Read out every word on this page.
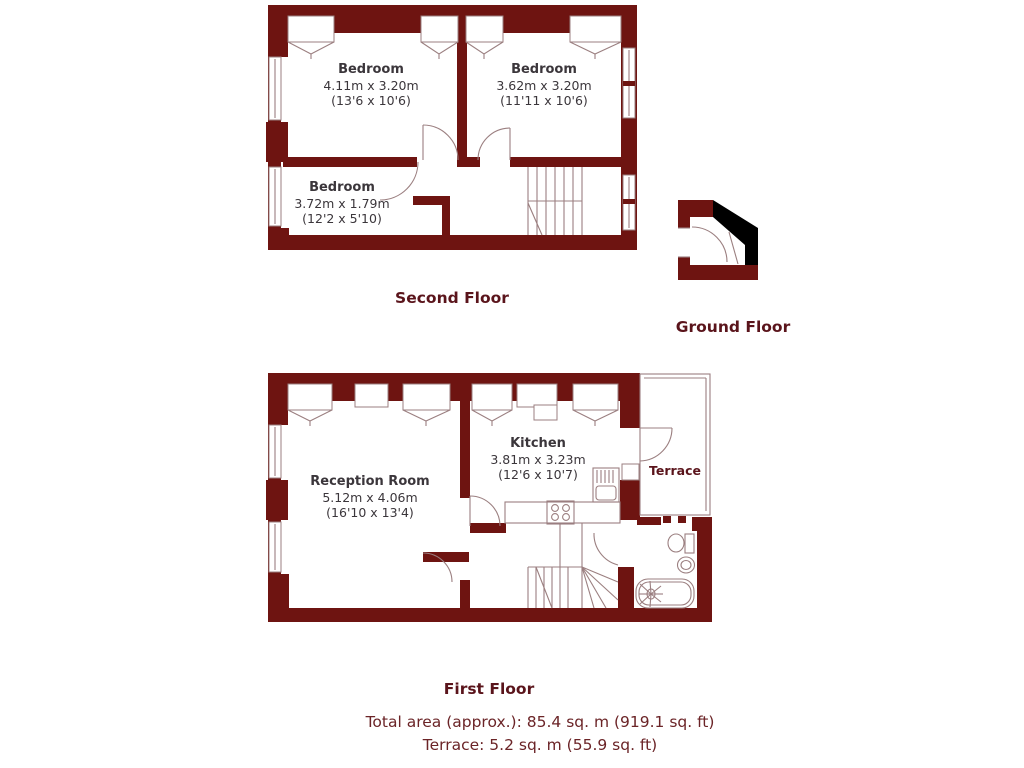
Bedroom
4.11m x 3.20m
(13'6 x 10'6)
Bedroom
3.62m x 3.20m
(11'11 x 10'6)
Bedroom
3.72m x 1.79m
(12'2 x 5'10)
Reception Room
5.12m x 4.06m
(16'10 x 13'4)
Kitchen
3.81m x 3.23m
(12'6 x 10'7)	Terrace
Second Floor
Ground Floor
First Floor
Total area (approx.): 85.4 sq. m (919.1 sq. ft)
Terrace: 5.2 sq. m (55.9 sq. ft)
